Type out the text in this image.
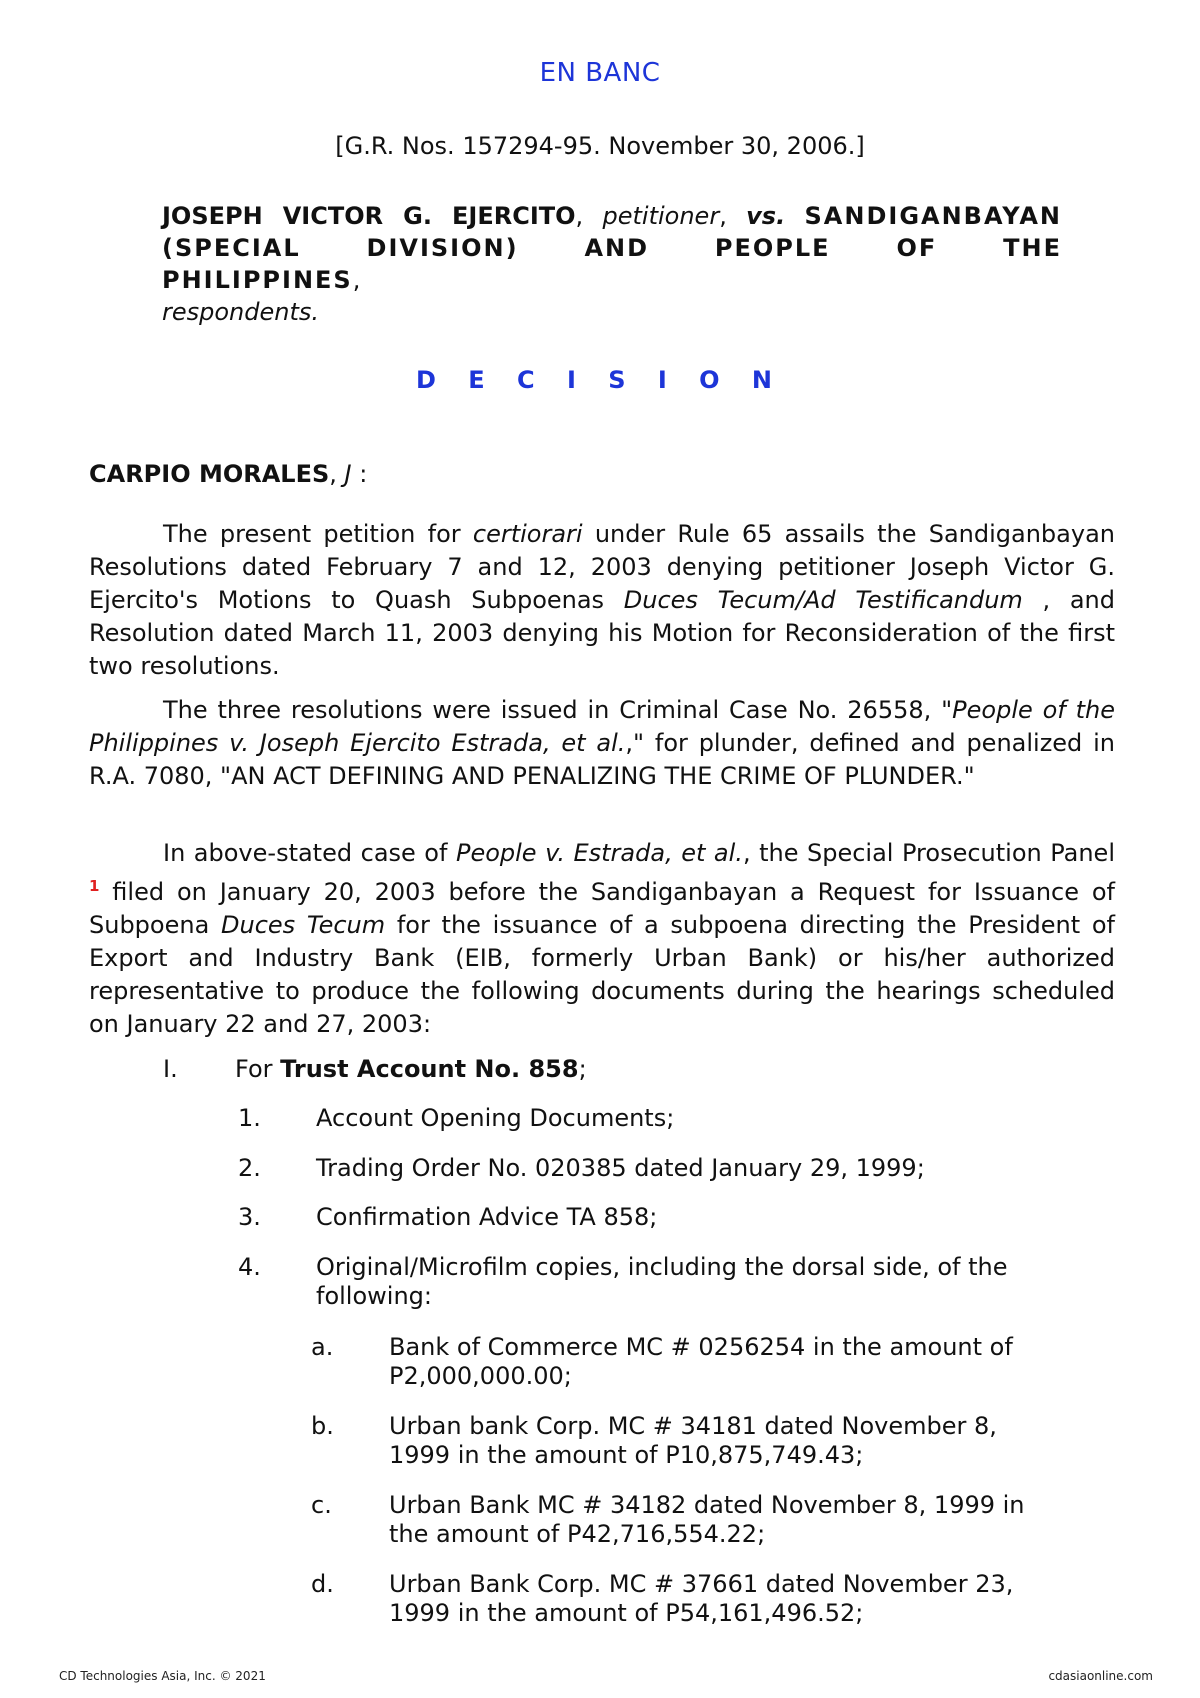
EN BANC
[G.R. Nos. 157294-95. November 30, 2006.]
JOSEPH VICTOR G. EJERCITO, petitioner, vs. SANDIGANBAYAN (SPECIAL DIVISION) AND PEOPLE OF THE PHILIPPINES,
respondents.
D E C I S I O N
CARPIO MORALES, J :

The present petition for certiorari under Rule 65 assails the Sandiganbayan Resolutions dated February 7 and 12, 2003 denying petitioner Joseph Victor G. Ejercito's Motions to Quash Subpoenas Duces Tecum/Ad Testificandum , and Resolution dated March 11, 2003 denying his Motion for Reconsideration of the first two resolutions.

The three resolutions were issued in Criminal Case No. 26558, "People of the Philippines v. Joseph Ejercito Estrada, et al.," for plunder, defined and penalized in R.A. 7080, "AN ACT DEFINING AND PENALIZING THE CRIME OF PLUNDER."

In above-stated case of People v. Estrada, et al., the Special Prosecution Panel $^1$ filed on January 20, 2003 before the Sandiganbayan a Request for Issuance of Subpoena Duces Tecum for the issuance of a subpoena directing the President of Export and Industry Bank (EIB, formerly Urban Bank) or his/her authorized representative to produce the following documents during the hearings scheduled on January 22 and 27, 2003:

I. For Trust Account No. 858;
1. Account Opening Documents;
2. Trading Order No. 020385 dated January 29, 1999;
3. Confirmation Advice TA 858;
4. Original/Microfilm copies, including the dorsal side, of the
following:
a. Bank of Commerce MC # 0256254 in the amount of
P2,000,000.00;
b. Urban bank Corp. MC # 34181 dated November 8,
1999 in the amount of P10,875,749.43;
c. Urban Bank MC # 34182 dated November 8, 1999 in
the amount of P42,716,554.22;
d. Urban Bank Corp. MC # 37661 dated November 23,
1999 in the amount of P54,161,496.52;
CD Technologies Asia, Inc. © 2021	cdasiaonline.com
